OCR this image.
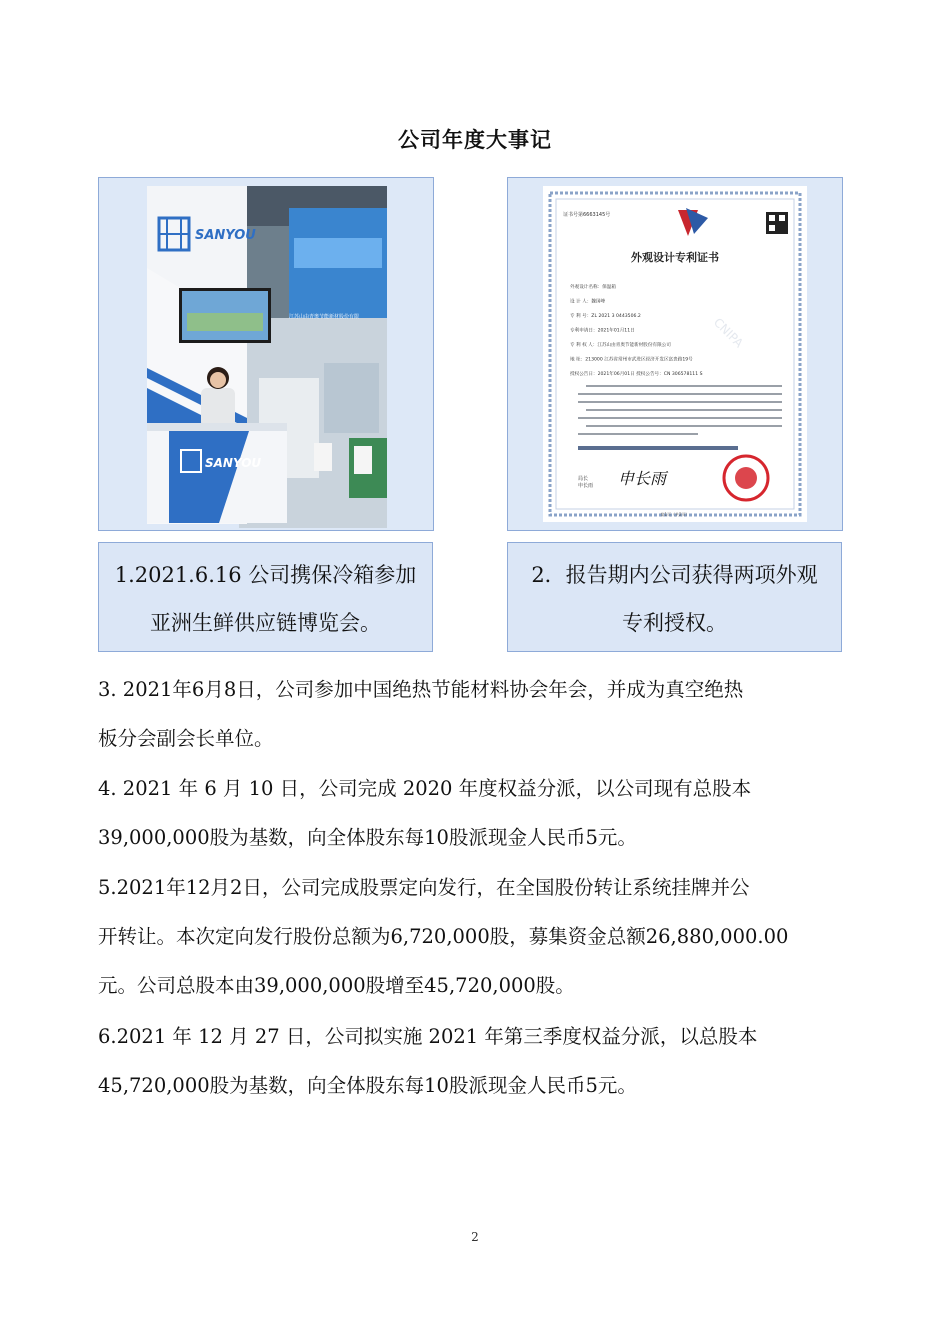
公司年度大事记
SANYOU
江苏山由青奥节能新材股份有限
SANYOU
证书号第6663145号
外观设计专利证书
外观设计名称：保温箱
设 计 人：魏国峰
专 利 号：ZL 2021 3 0443506.2
专利申请日：2021年01月11日
专 利 权 人：江苏山由青奥节能新材股份有限公司
地 址：213000 江苏省常州市武进区经济开发区富贵路19号
授权公告日：2021年06月01日 授权公告号：CN 306578111 S
CNIPA
局长
申长雨 申长雨
第1页（共2页）
1.2021.6.16 公司携保冷箱参加
亚洲生鲜供应链博览会。
2．报告期内公司获得两项外观
专利授权。
3. 2021年6月8日，公司参加中国绝热节能材料协会年会，并成为真空绝热
板分会副会长单位。
4. 2021 年 6 月 10 日，公司完成 2020 年度权益分派，以公司现有总股本
39,000,000股为基数，向全体股东每10股派现金人民币5元。
5.2021年12月2日，公司完成股票定向发行，在全国股份转让系统挂牌并公
开转让。本次定向发行股份总额为6,720,000股，募集资金总额26,880,000.00
元。公司总股本由39,000,000股增至45,720,000股。
6.2021 年 12 月 27 日，公司拟实施 2021 年第三季度权益分派，以总股本
45,720,000股为基数，向全体股东每10股派现金人民币5元。
2
